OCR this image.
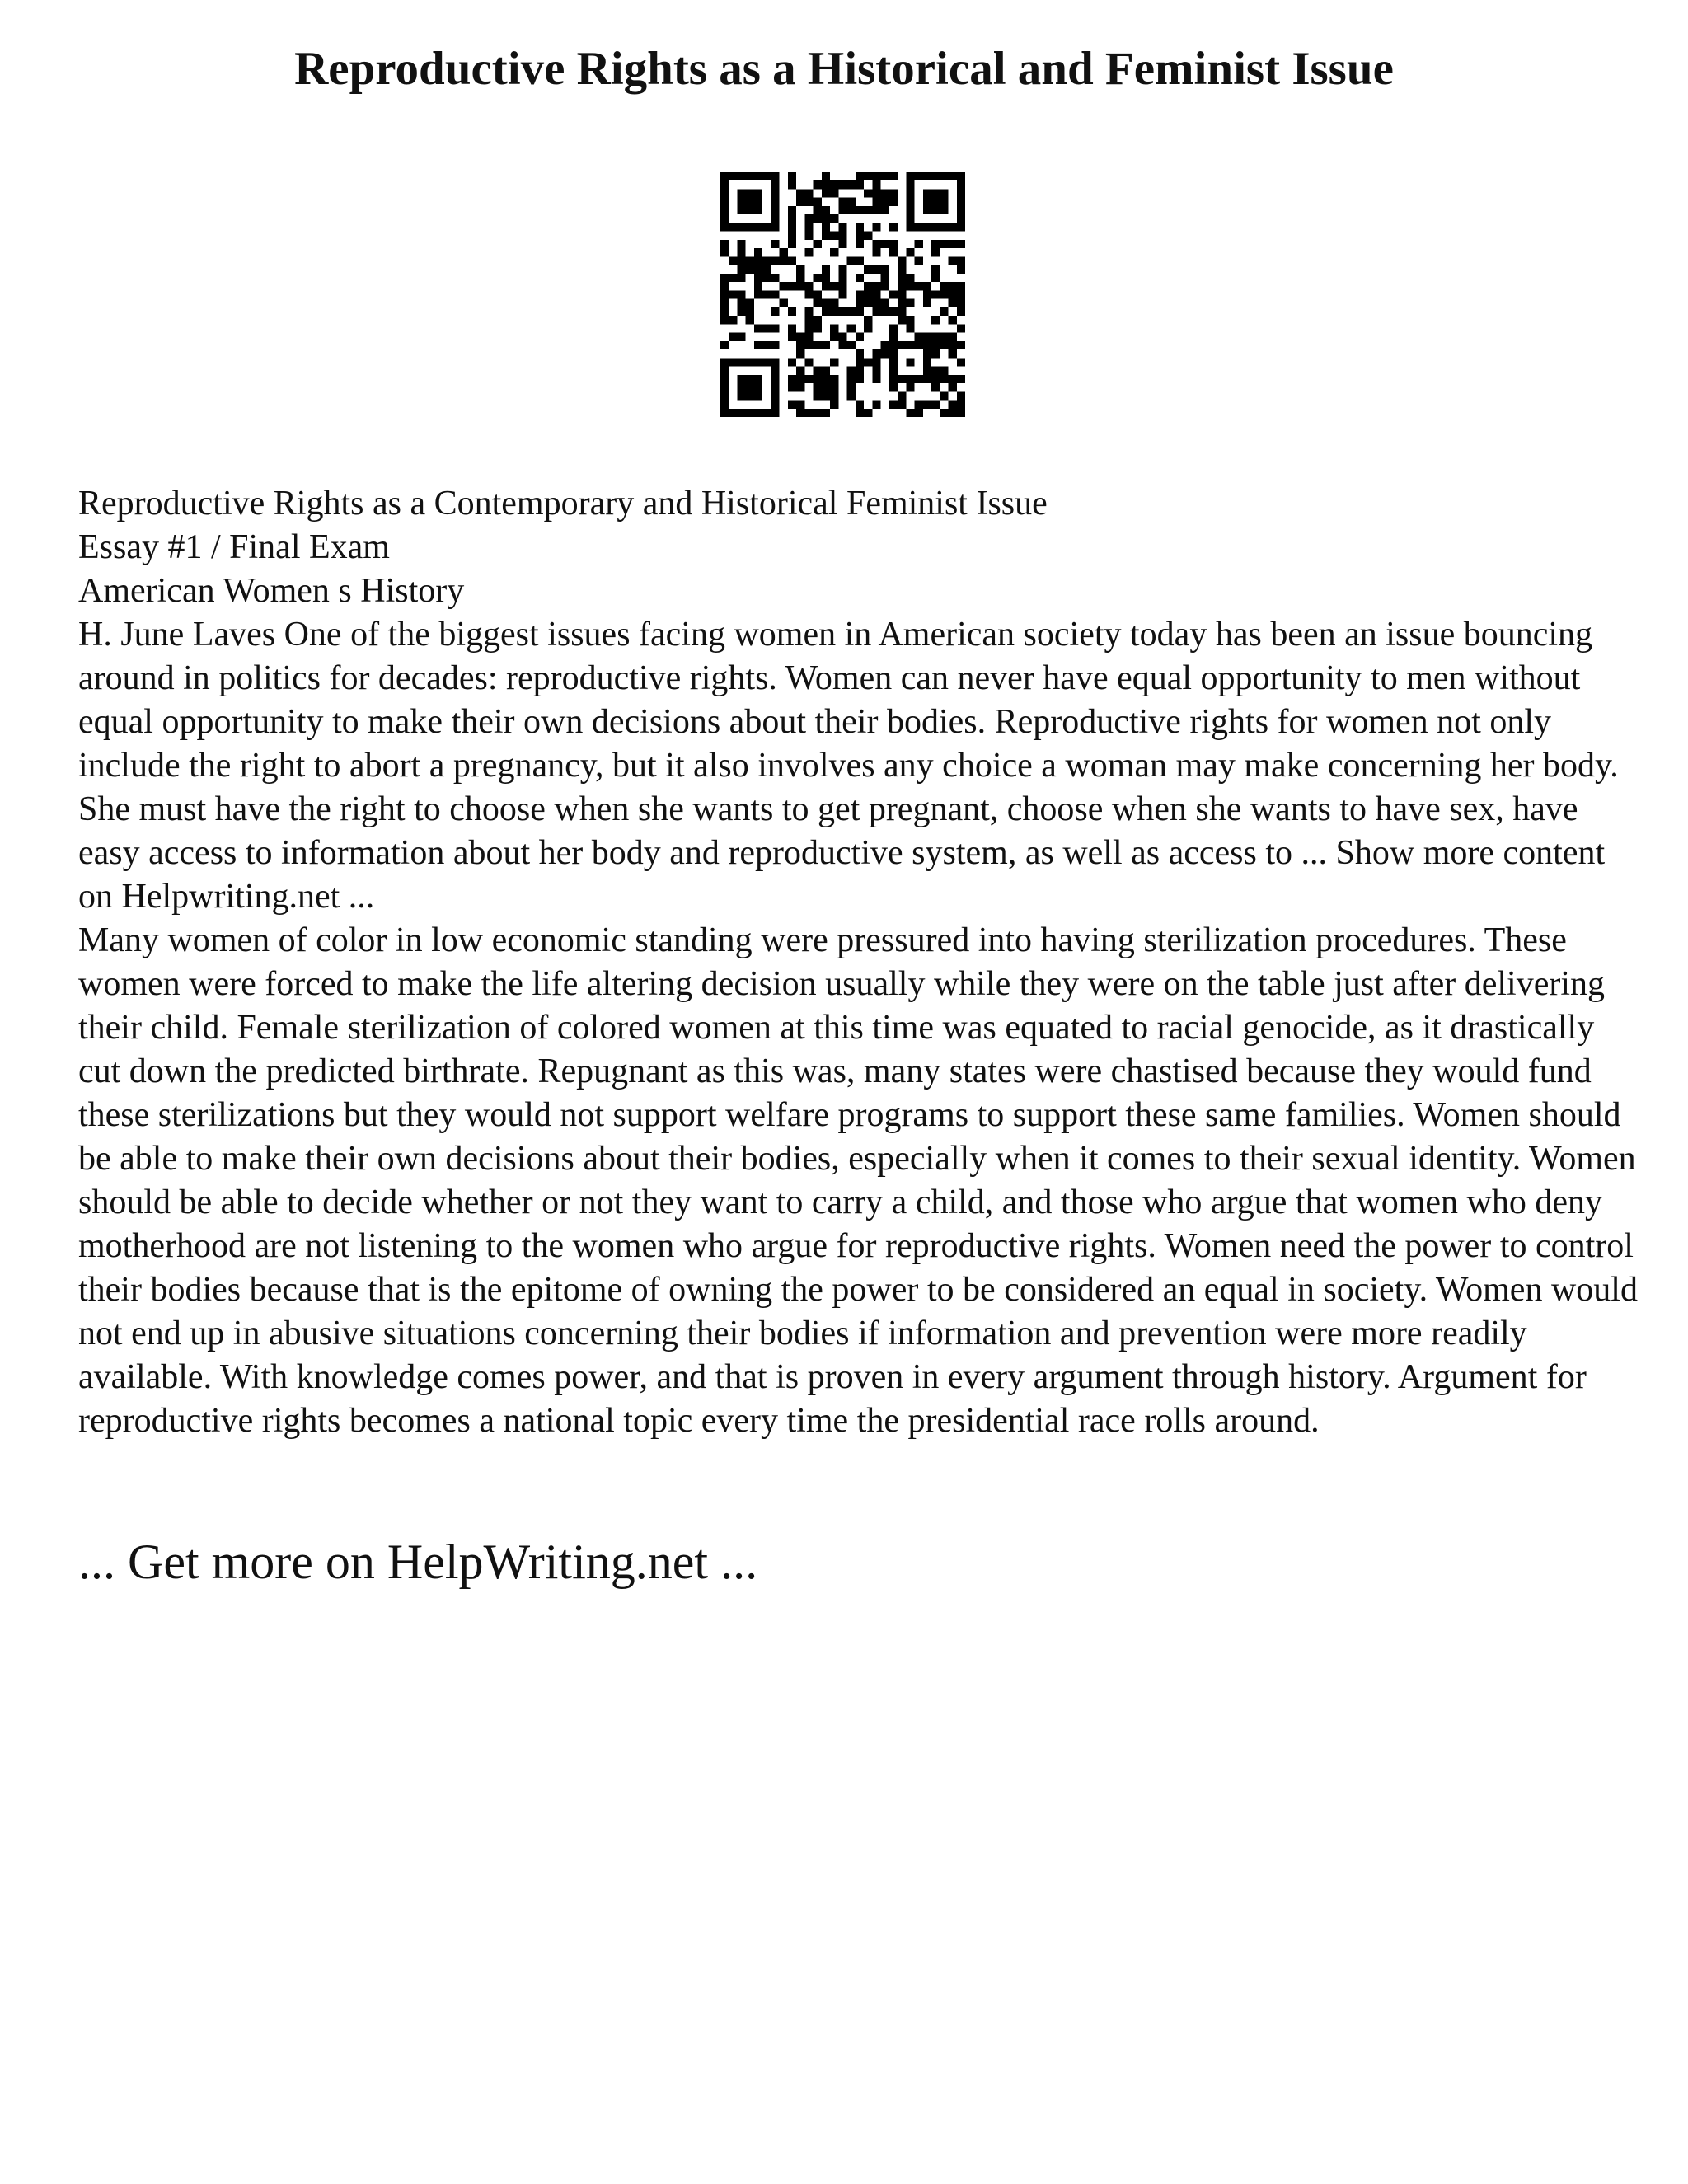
Reproductive Rights as a Historical and Feminist Issue

Reproductive Rights as a Contemporary and Historical Feminist Issue

Essay #1 / Final Exam

American Women s History

H. June Laves One of the biggest issues facing women in American society today has been an issue bouncing around in politics for decades: reproductive rights. Women can never have equal opportunity to men without equal opportunity to make their own decisions about their bodies. Reproductive rights for women not only include the right to abort a pregnancy, but it also involves any choice a woman may make concerning her body. She must have the right to choose when she wants to get pregnant, choose when she wants to have sex, have easy access to information about her body and reproductive system, as well as access to ... Show more content on Helpwriting.net ...

Many women of color in low economic standing were pressured into having sterilization procedures. These women were forced to make the life altering decision usually while they were on the table just after delivering their child. Female sterilization of colored women at this time was equated to racial genocide, as it drastically cut down the predicted birthrate. Repugnant as this was, many states were chastised because they would fund these sterilizations but they would not support welfare programs to support these same families. Women should be able to make their own decisions about their bodies, especially when it comes to their sexual identity. Women should be able to decide whether or not they want to carry a child, and those who argue that women who deny motherhood are not listening to the women who argue for reproductive rights. Women need the power to control their bodies because that is the epitome of owning the power to be considered an equal in society. Women would not end up in abusive situations concerning their bodies if information and prevention were more readily available. With knowledge comes power, and that is proven in every argument through history. Argument for reproductive rights becomes a national topic every time the presidential race rolls around.

... Get more on HelpWriting.net ...
